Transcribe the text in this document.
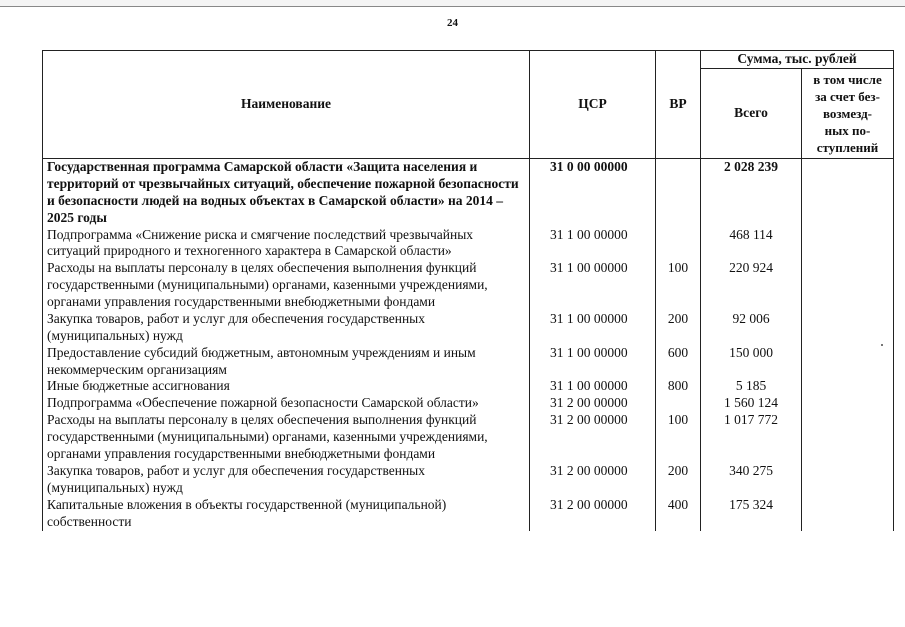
24
Наименование	ЦСР	ВР	Сумма, тыс. рублей	
			Всего	в том числе
за счет без-
возмезд-
ных по-
ступлений

Государственная программа Самарской области «Защита населения и территорий от чрезвычайных ситуаций, обеспечение пожарной безопасности и безопасности людей на водных объектах в Самарской области» на 2014 – 2025 годы	31 0 00 00000		2 028 239	
Подпрограмма «Снижение риска и смягчение последствий чрезвычайных ситуаций природного и техногенного характера в Самарской области»	31 1 00 00000		468 114	
Расходы на выплаты персоналу в целях обеспечения выполнения функций государственными (муниципальными) органами, казенными учреждениями, органами управления государственными внебюджетными фондами	31 1 00 00000	100	220 924	
Закупка товаров, работ и услуг для обеспечения государственных (муниципальных) нужд	31 1 00 00000	200	92 006	
Предоставление субсидий бюджетным, автономным учреждениям и иным некоммерческим организациям	31 1 00 00000	600	150 000	
Иные бюджетные ассигнования	31 1 00 00000	800	5 185	
Подпрограмма «Обеспечение пожарной безопасности Самарской области»	31 2 00 00000		1 560 124	
Расходы на выплаты персоналу в целях обеспечения выполнения функций государственными (муниципальными) органами, казенными учреждениями, органами управления государственными внебюджетными фондами	31 2 00 00000	100	1 017 772	
Закупка товаров, работ и услуг для обеспечения государственных (муниципальных) нужд	31 2 00 00000	200	340 275	
Капитальные вложения в объекты государственной (муниципальной) собственности	31 2 00 00000	400	175 324	
